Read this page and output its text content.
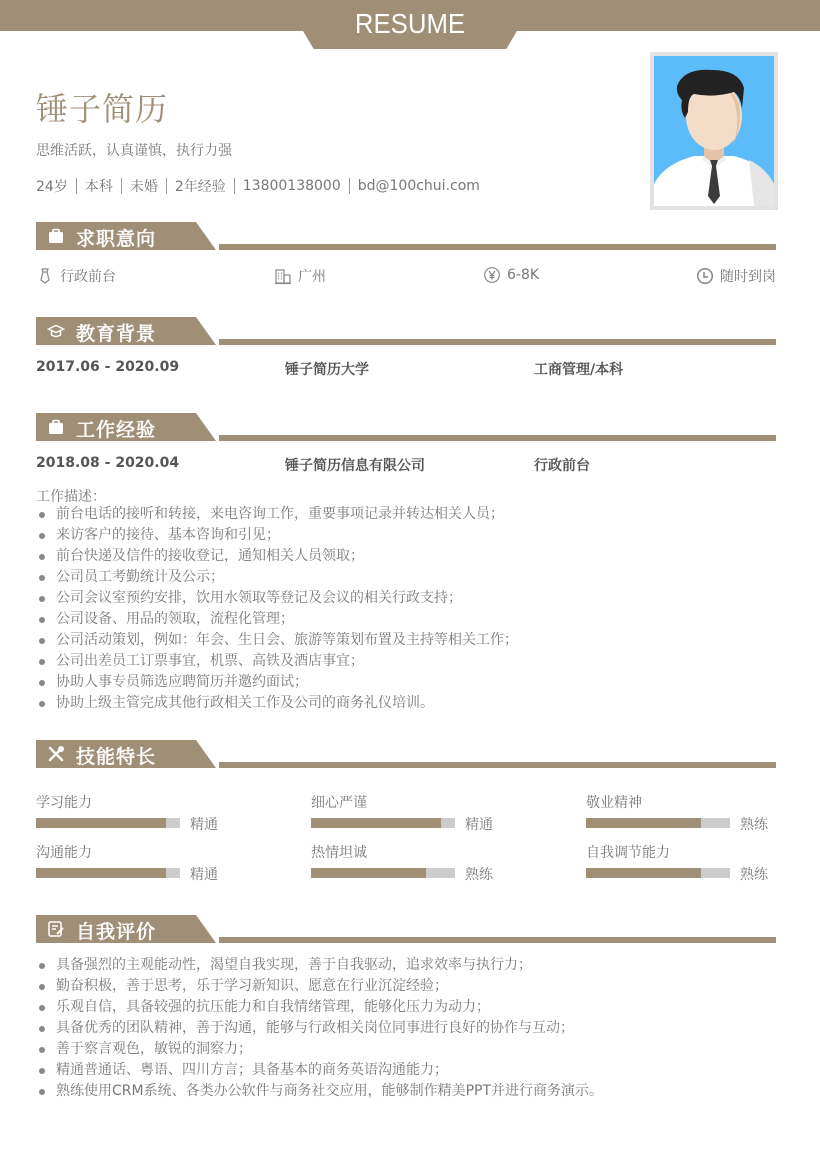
RESUME
锤子简历
思维活跃，认真谨慎，执行力强
24岁 本科 未婚 2年经验 13800138000 bd@100chui.com
求职意向
行政前台	广州	6-8K	随时到岗
教育背景
2017.06 - 2020.09	锤子简历大学	工商管理/本科
工作经验
2018.08 - 2020.04	锤子简历信息有限公司	行政前台
工作描述：
前台电话的接听和转接，来电咨询工作，重要事项记录并转达相关人员；
来访客户的接待、基本咨询和引见；
前台快递及信件的接收登记，通知相关人员领取；
公司员工考勤统计及公示；
公司会议室预约安排，饮用水领取等登记及会议的相关行政支持；
公司设备、用品的领取，流程化管理；
公司活动策划，例如：年会、生日会、旅游等策划布置及主持等相关工作；
公司出差员工订票事宜，机票、高铁及酒店事宜；
协助人事专员筛选应聘简历并邀约面试；
协助上级主管完成其他行政相关工作及公司的商务礼仪培训。
技能特长
学习能力
精通
细心严谨
精通
敬业精神
熟练
沟通能力
精通
热情坦诚
熟练
自我调节能力
熟练
自我评价
具备强烈的主观能动性，渴望自我实现，善于自我驱动，追求效率与执行力；
勤奋积极，善于思考，乐于学习新知识、愿意在行业沉淀经验；
乐观自信，具备较强的抗压能力和自我情绪管理，能够化压力为动力；
具备优秀的团队精神，善于沟通，能够与行政相关岗位同事进行良好的协作与互动；
善于察言观色，敏锐的洞察力；
精通普通话、粤语、四川方言；具备基本的商务英语沟通能力；
熟练使用CRM系统、各类办公软件与商务社交应用，能够制作精美PPT并进行商务演示。
